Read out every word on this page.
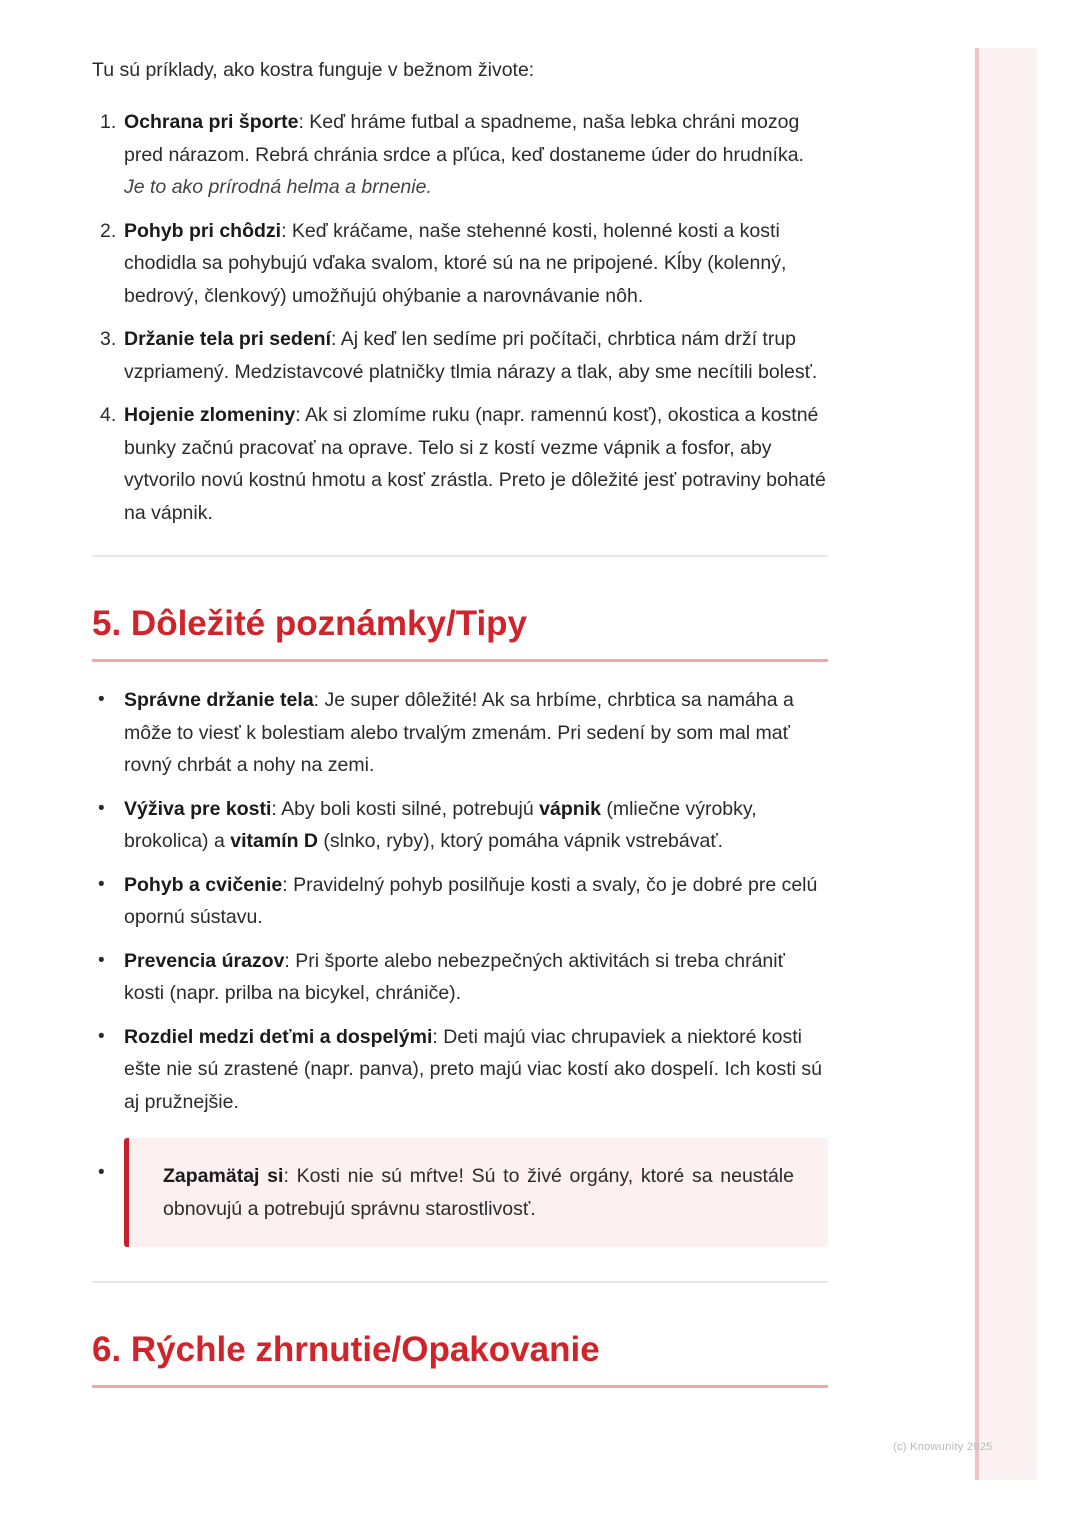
Tu sú príklady, ako kostra funguje v bežnom živote:

1. Ochrana pri športe: Keď hráme futbal a spadneme, naša lebka chráni mozog pred nárazom. Rebrá chránia srdce a pľúca, keď dostaneme úder do hrudníka. Je to ako prírodná helma a brnenie.
2. Pohyb pri chôdzi: Keď kráčame, naše stehenné kosti, holenné kosti a kosti chodidla sa pohybujú vďaka svalom, ktoré sú na ne pripojené. Kĺby (kolenný, bedrový, členkový) umožňujú ohýbanie a narovnávanie nôh.
3. Držanie tela pri sedení: Aj keď len sedíme pri počítači, chrbtica nám drží trup vzpriamený. Medzistavcové platničky tlmia nárazy a tlak, aby sme necítili bolesť.
4. Hojenie zlomeniny: Ak si zlomíme ruku (napr. ramennú kosť), okostica a kostné bunky začnú pracovať na oprave. Telo si z kostí vezme vápnik a fosfor, aby vytvorilo novú kostnú hmotu a kosť zrástla. Preto je dôležité jesť potraviny bohaté na vápnik.
5. Dôležité poznámky/Tipy
• Správne držanie tela: Je super dôležité! Ak sa hrbíme, chrbtica sa namáha a môže to viesť k bolestiam alebo trvalým zmenám. Pri sedení by som mal mať rovný chrbát a nohy na zemi.
• Výživa pre kosti: Aby boli kosti silné, potrebujú vápnik (mliečne výrobky, brokolica) a vitamín D (slnko, ryby), ktorý pomáha vápnik vstrebávať.
• Pohyb a cvičenie: Pravidelný pohyb posilňuje kosti a svaly, čo je dobré pre celú opornú sústavu.
• Prevencia úrazov: Pri športe alebo nebezpečných aktivitách si treba chrániť kosti (napr. prilba na bicykel, chrániče).
• Rozdiel medzi deťmi a dospelými: Deti majú viac chrupaviek a niektoré kosti ešte nie sú zrastené (napr. panva), preto majú viac kostí ako dospelí. Ich kosti sú aj pružnejšie.
•	Zapamätaj si: Kosti nie sú mŕtve! Sú to živé orgány, ktoré sa neustále obnovujú a potrebujú správnu starostlivosť.
6. Rýchle zhrnutie/Opakovanie
(c) Knowunity 2025
